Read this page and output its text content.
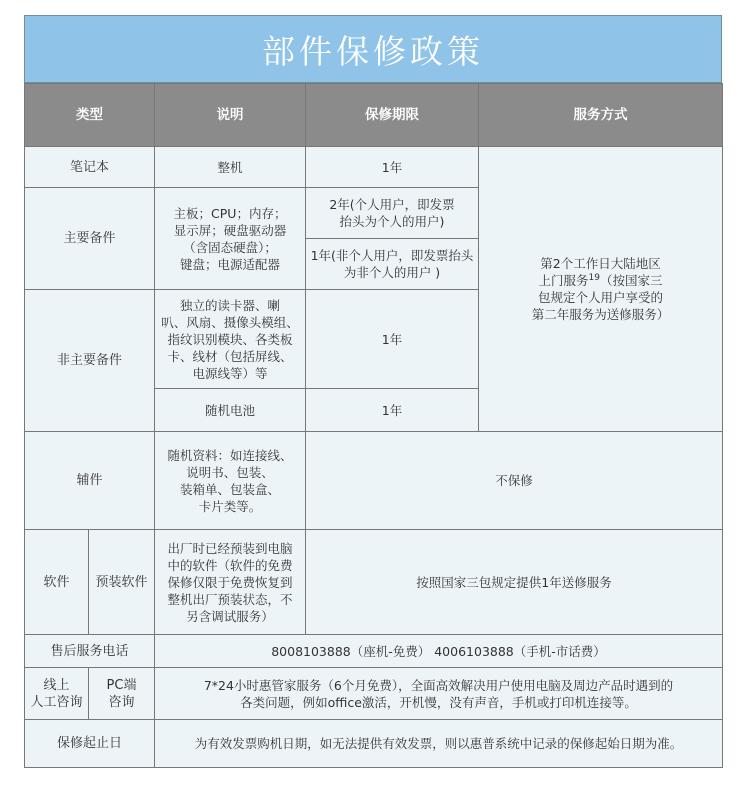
部件保修政策
类型		说明	保修期限	服务方式
笔记本		整机	1年	第2个工作日大陆地区
上门服务$^{19}$（按国家三
包规定个人用户享受的
第二年服务为送修服务）
主要备件		主板；CPU；内存；
显示屏；硬盘驱动器
（含固态硬盘）；
键盘；电源适配器	2年(个人用户，即发票
抬头为个人的用户)	
			1年(非个人用户，即发票抬头
为非个人的用户 )	
非主要备件		独立的读卡器、喇
叭、风扇、摄像头模组、
指纹识别模块、各类板
卡、线材（包括屏线、
电源线等）等	1年	
		随机电池	1年	
辅件		随机资料：如连接线、
说明书、包装、
装箱单、包装盒、
卡片类等。	不保修	
软件	预装软件	出厂时已经预装到电脑
中的软件（软件的免费
保修仅限于免费恢复到
整机出厂预装状态，不
另含调试服务）	按照国家三包规定提供1年送修服务	
售后服务电话		8008103888（座机-免费） 4006103888（手机-市话费）		
线上
人工咨询	PC端
咨询	7*24小时惠管家服务（6个月免费），全面高效解决用户使用电脑及周边产品时遇到的
各类问题，例如office激活，开机慢，没有声音，手机或打印机连接等。		
保修起止日		为有效发票购机日期，如无法提供有效发票，则以惠普系统中记录的保修起始日期为准。		
